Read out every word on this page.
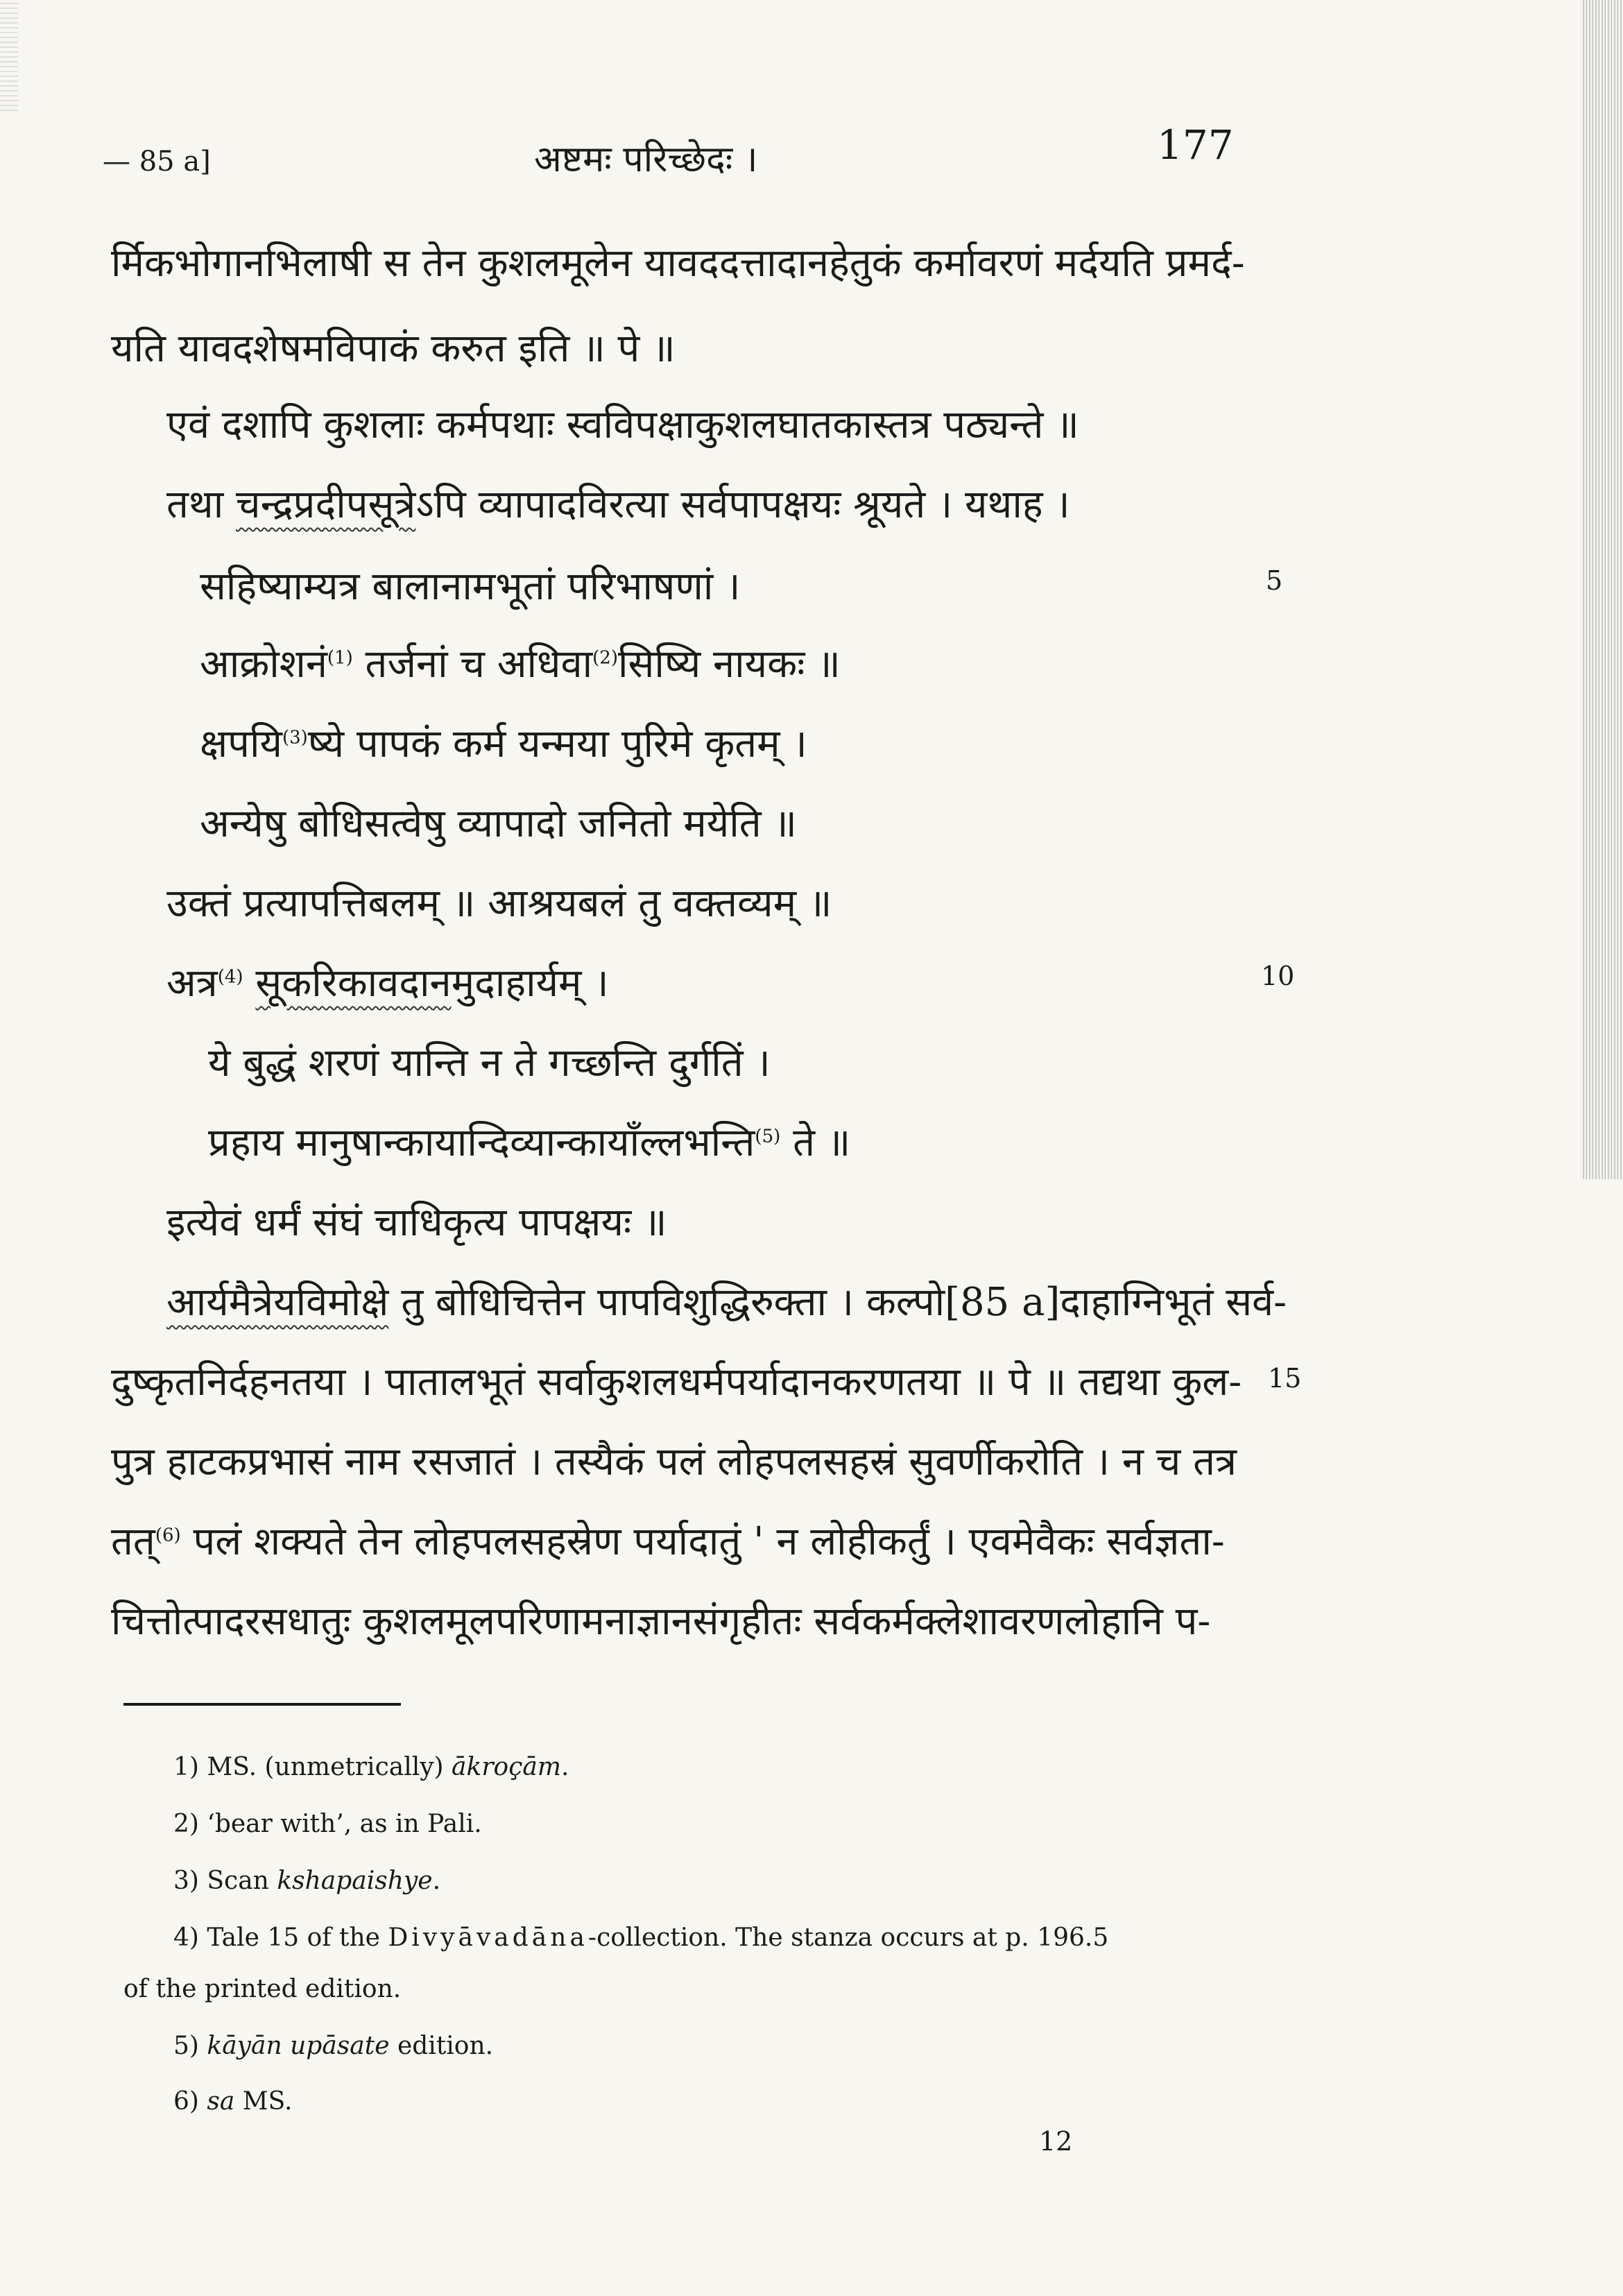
— 85 a]	अष्टमः परिच्छेदः ।	177
र्मिकभोगानभिलाषी स तेन कुशलमूलेन यावददत्तादानहेतुकं कर्मावरणं मर्दयति प्रमर्द-
यति यावदशेषमविपाकं करुत इति ॥ पे ॥
एवं दशापि कुशलाः कर्मपथाः स्वविपक्षाकुशलघातकास्तत्र पठ्यन्ते ॥
तथा चन्द्रप्रदीपसूत्रेऽपि व्यापादविरत्या सर्वपापक्षयः श्रूयते । यथाह ।
सहिष्याम्यत्र बालानामभूतां परिभाषणां ।	5
आक्रोशनं$^{(1)}$ तर्जनां च अधिवा$^{(2)}$सिष्यि नायकः ॥
क्षपयि$^{(3)}$ष्ये पापकं कर्म यन्मया पुरिमे कृतम् ।
अन्येषु बोधिसत्वेषु व्यापादो जनितो मयेति ॥
उक्तं प्रत्यापत्तिबलम् ॥ आश्रयबलं तु वक्तव्यम् ॥
अत्र$^{(4)}$ सूकरिकावदानमुदाहार्यम् ।	10
ये बुद्धं शरणं यान्ति न ते गच्छन्ति दुर्गतिं ।
प्रहाय मानुषान्कायान्दिव्यान्कायाँल्लभन्ति$^{(5)}$ ते ॥
इत्येवं धर्मं संघं चाधिकृत्य पापक्षयः ॥
आर्यमैत्रेयविमोक्षे तु बोधिचित्तेन पापविशुद्धिरुक्ता । कल्पो[85 a]दाहाग्निभूतं सर्व-
दुष्कृतनिर्दहनतया । पातालभूतं सर्वाकुशलधर्मपर्यादानकरणतया ॥ पे ॥ तद्यथा कुल- 15
पुत्र हाटकप्रभासं नाम रसजातं । तस्यैकं पलं लोहपलसहस्रं सुवर्णीकरोति । न च तत्र
तत्$^{(6)}$ पलं शक्यते तेन लोहपलसहस्रेण पर्यादातुं ' न लोहीकर्तुं । एवमेवैकः सर्वज्ञता-
चित्तोत्पादरसधातुः कुशलमूलपरिणामनाज्ञानसंगृहीतः सर्वकर्मक्लेशावरणलोहानि प-
1) MS. (unmetrically) ākroçām.
2) ‘bear with’, as in Pali.
3) Scan kshapaishye.
4) Tale 15 of the Divyāvadāna-collection. The stanza occurs at p. 196.5
of the printed edition.
5) kāyān upāsate edition.
6) sa MS.
12
